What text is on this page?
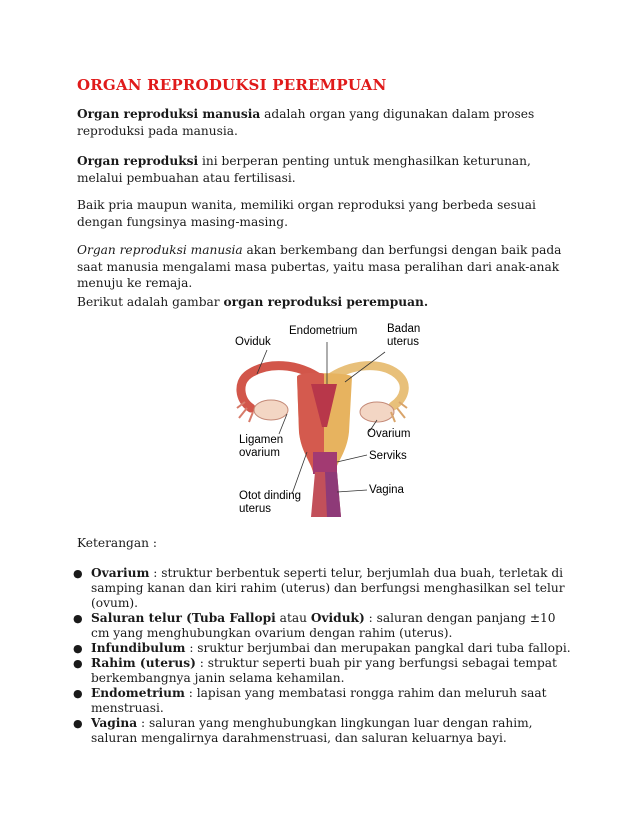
ORGAN REPRODUKSI PEREMPUAN
Organ reproduksi manusia adalah organ yang digunakan dalam proses reproduksi pada manusia.
Organ reproduksi ini berperan penting untuk menghasilkan keturunan, melalui pembuahan atau fertilisasi.
Baik pria maupun wanita, memiliki organ reproduksi yang berbeda sesuai dengan fungsinya masing-masing.
Organ reproduksi manusia akan berkembang dan berfungsi dengan baik pada saat manusia mengalami masa pubertas, yaitu masa peralihan dari anak-anak menuju ke remaja.
Berikut adalah gambar organ reproduksi perempuan.
Oviduk
Endometrium	Badan
uterus
Ligamen
ovarium
Ovarium
Serviks
Vagina
Otot dinding
uterus
Keterangan :
● Ovarium : struktur berbentuk seperti telur, berjumlah dua buah, terletak di samping kanan dan kiri rahim (uterus) dan berfungsi menghasilkan sel telur (ovum).
● Saluran telur (Tuba Fallopi atau Oviduk) : saluran dengan panjang ±10 cm yang menghubungkan ovarium dengan rahim (uterus).
● Infundibulum : sruktur berjumbai dan merupakan pangkal dari tuba fallopi.
● Rahim (uterus) : struktur seperti buah pir yang berfungsi sebagai tempat berkembangnya janin selama kehamilan.
● Endometrium : lapisan yang membatasi rongga rahim dan meluruh saat menstruasi.
● Vagina : saluran yang menghubungkan lingkungan luar dengan rahim, saluran mengalirnya darahmenstruasi, dan saluran keluarnya bayi.
